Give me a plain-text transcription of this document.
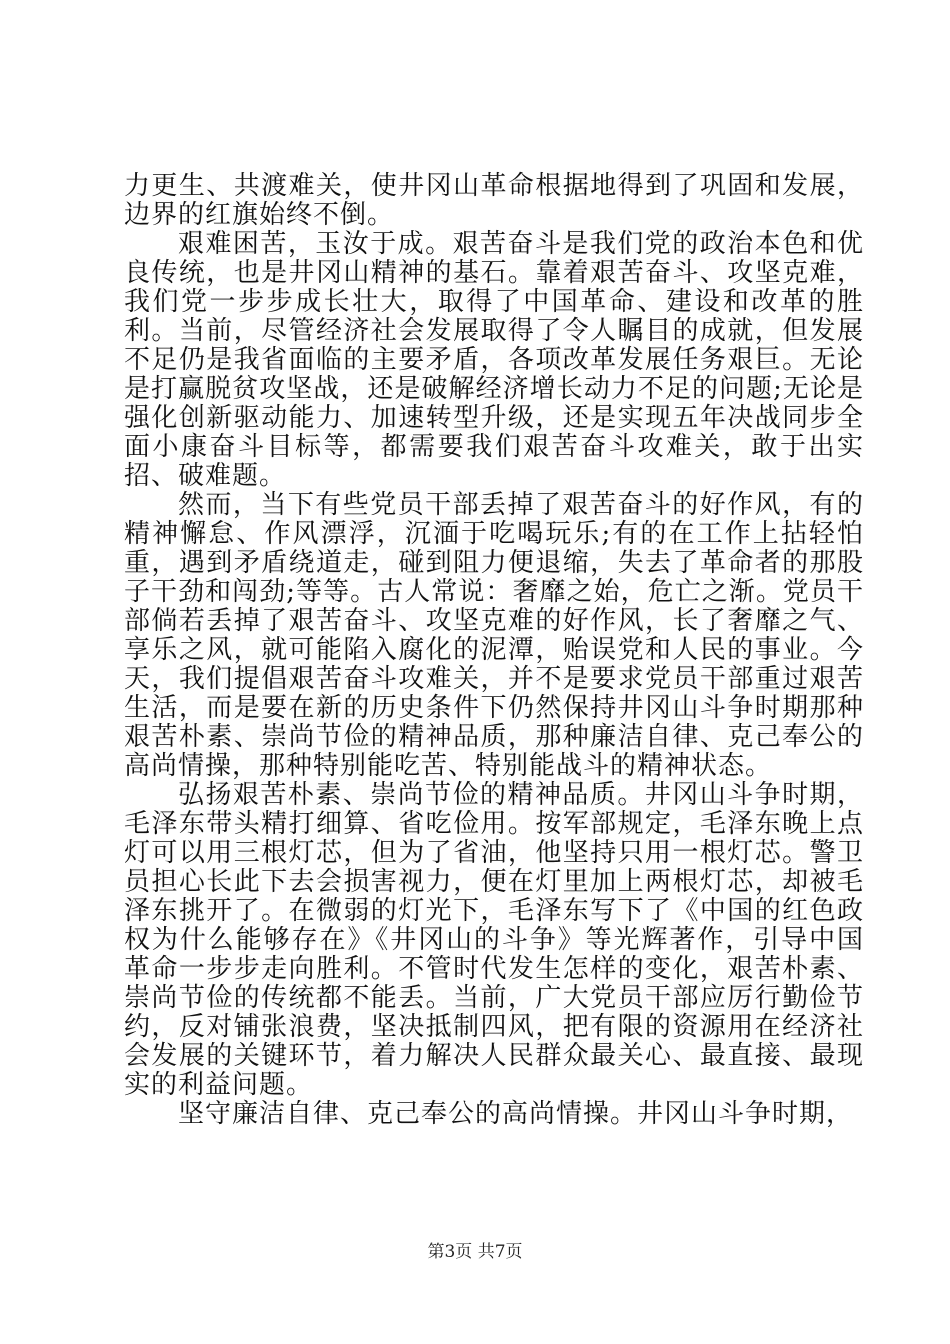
力更生、共渡难关，使井冈山革命根据地得到了巩固和发展，边界的红旗始终不倒。

艰难困苦，玉汝于成。艰苦奋斗是我们党的政治本色和优良传统，也是井冈山精神的基石。靠着艰苦奋斗、攻坚克难，我们党一步步成长壮大，取得了中国革命、建设和改革的胜利。当前，尽管经济社会发展取得了令人瞩目的成就，但发展不足仍是我省面临的主要矛盾，各项改革发展任务艰巨。无论是打赢脱贫攻坚战，还是破解经济增长动力不足的问题;无论是强化创新驱动能力、加速转型升级，还是实现五年决战同步全面小康奋斗目标等，都需要我们艰苦奋斗攻难关，敢于出实招、破难题。

然而，当下有些党员干部丢掉了艰苦奋斗的好作风，有的精神懈怠、作风漂浮，沉湎于吃喝玩乐;有的在工作上拈轻怕重，遇到矛盾绕道走，碰到阻力便退缩，失去了革命者的那股子干劲和闯劲;等等。古人常说：奢靡之始，危亡之渐。党员干部倘若丢掉了艰苦奋斗、攻坚克难的好作风，长了奢靡之气、享乐之风，就可能陷入腐化的泥潭，贻误党和人民的事业。今天，我们提倡艰苦奋斗攻难关，并不是要求党员干部重过艰苦生活，而是要在新的历史条件下仍然保持井冈山斗争时期那种艰苦朴素、崇尚节俭的精神品质，那种廉洁自律、克己奉公的高尚情操，那种特别能吃苦、特别能战斗的精神状态。

弘扬艰苦朴素、崇尚节俭的精神品质。井冈山斗争时期，毛泽东带头精打细算、省吃俭用。按军部规定，毛泽东晚上点灯可以用三根灯芯，但为了省油，他坚持只用一根灯芯。警卫员担心长此下去会损害视力，便在灯里加上两根灯芯，却被毛泽东挑开了。在微弱的灯光下，毛泽东写下了《中国的红色政权为什么能够存在》《井冈山的斗争》等光辉著作，引导中国革命一步步走向胜利。不管时代发生怎样的变化，艰苦朴素、崇尚节俭的传统都不能丢。当前，广大党员干部应厉行勤俭节约，反对铺张浪费，坚决抵制四风，把有限的资源用在经济社会发展的关键环节，着力解决人民群众最关心、最直接、最现实的利益问题。

坚守廉洁自律、克己奉公的高尚情操。井冈山斗争时期，

第3页 共7页
